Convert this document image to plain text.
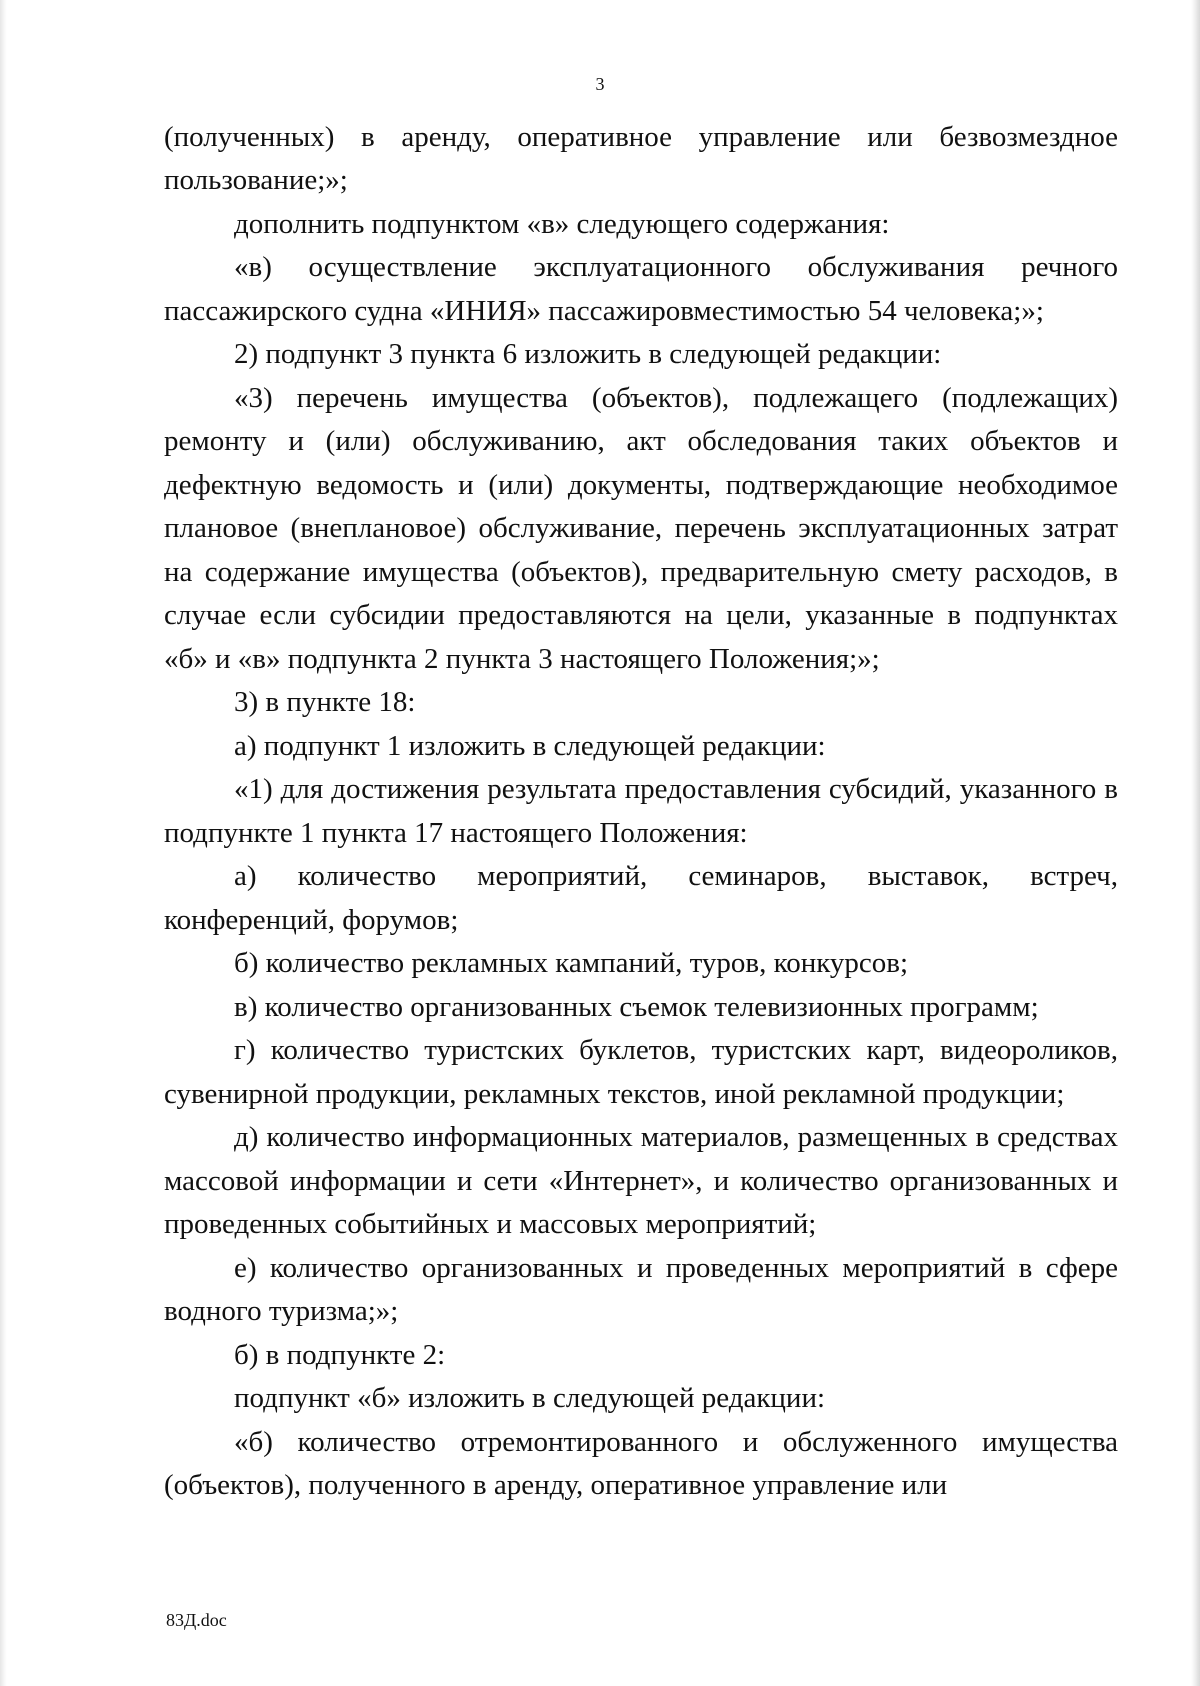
3

(полученных) в аренду, оперативное управление или безвозмездное пользование;»;

дополнить подпунктом «в» следующего содержания:

«в) осуществление эксплуатационного обслуживания речного пассажирского судна «ИНИЯ» пассажировместимостью 54 человека;»;

2) подпункт 3 пункта 6 изложить в следующей редакции:

«3) перечень имущества (объектов), подлежащего (подлежащих) ремонту и (или) обслуживанию, акт обследования таких объектов и дефектную ведомость и (или) документы, подтверждающие необходимое плановое (внеплановое) обслуживание, перечень эксплуатационных затрат на содержание имущества (объектов), предварительную смету расходов, в случае если субсидии предоставляются на цели, указанные в подпунктах «б» и «в» подпункта 2 пункта 3 настоящего Положения;»;

3) в пункте 18:

а) подпункт 1 изложить в следующей редакции:

«1) для достижения результата предоставления субсидий, указанного в подпункте 1 пункта 17 настоящего Положения:

а) количество мероприятий, семинаров, выставок, встреч, конференций, форумов;

б) количество рекламных кампаний, туров, конкурсов;

в) количество организованных съемок телевизионных программ;

г) количество туристских буклетов, туристских карт, видеороликов, сувенирной продукции, рекламных текстов, иной рекламной продукции;

д) количество информационных материалов, размещенных в средствах массовой информации и сети «Интернет», и количество организованных и проведенных событийных и массовых мероприятий;

е) количество организованных и проведенных мероприятий в сфере водного туризма;»;

б) в подпункте 2:

подпункт «б» изложить в следующей редакции:

«б) количество отремонтированного и обслуженного имущества (объектов), полученного в аренду, оперативное управление или

83Д.doc
